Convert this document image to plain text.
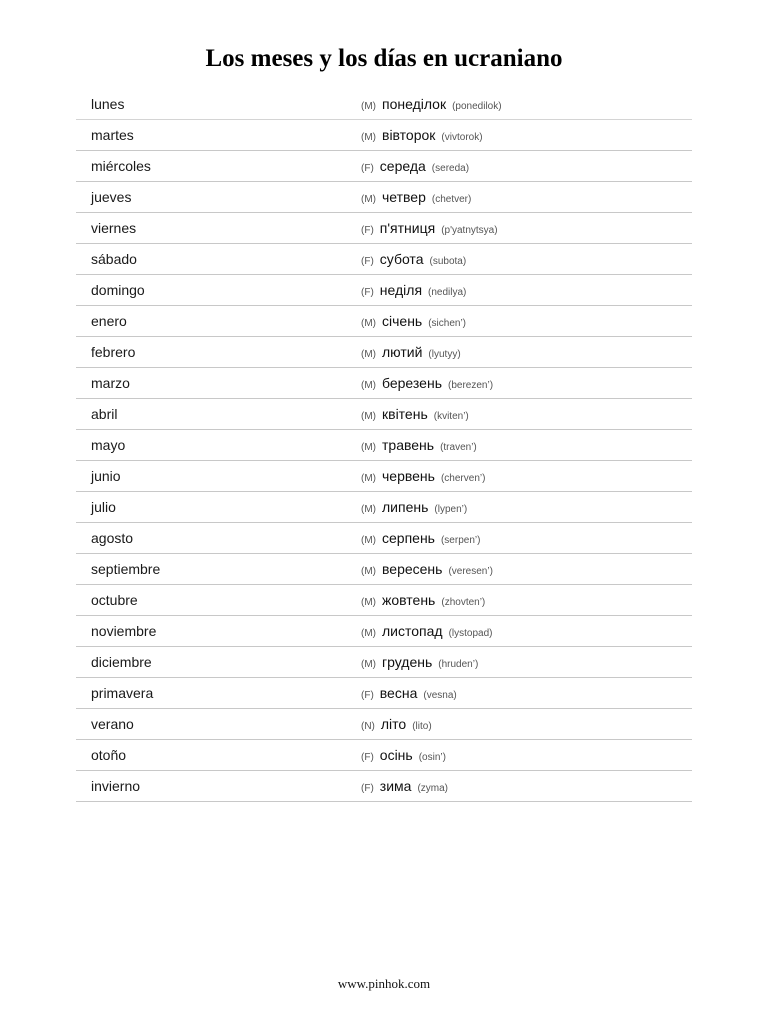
Los meses y los días en ucraniano
lunes	(M) понеділок (ponedilok)
martes	(M) вівторок (vivtorok)
miércoles	(F) середа (sereda)
jueves	(M) четвер (chetver)
viernes	(F) п'ятниця (p'yatnytsya)
sábado	(F) субота (subota)
domingo	(F) неділя (nedilya)
enero	(M) січень (sichen’)
febrero	(M) лютий (lyutyy)
marzo	(M) березень (berezen’)
abril	(M) квітень (kviten’)
mayo	(M) травень (traven’)
junio	(M) червень (cherven’)
julio	(M) липень (lypen’)
agosto	(M) серпень (serpen’)
septiembre	(M) вересень (veresen’)
octubre	(M) жовтень (zhovten’)
noviembre	(M) листопад (lystopad)
diciembre	(M) грудень (hruden’)
primavera	(F) весна (vesna)
verano	(N) літо (lito)
otoño	(F) осінь (osin’)
invierno	(F) зима (zyma)
www.pinhok.com
